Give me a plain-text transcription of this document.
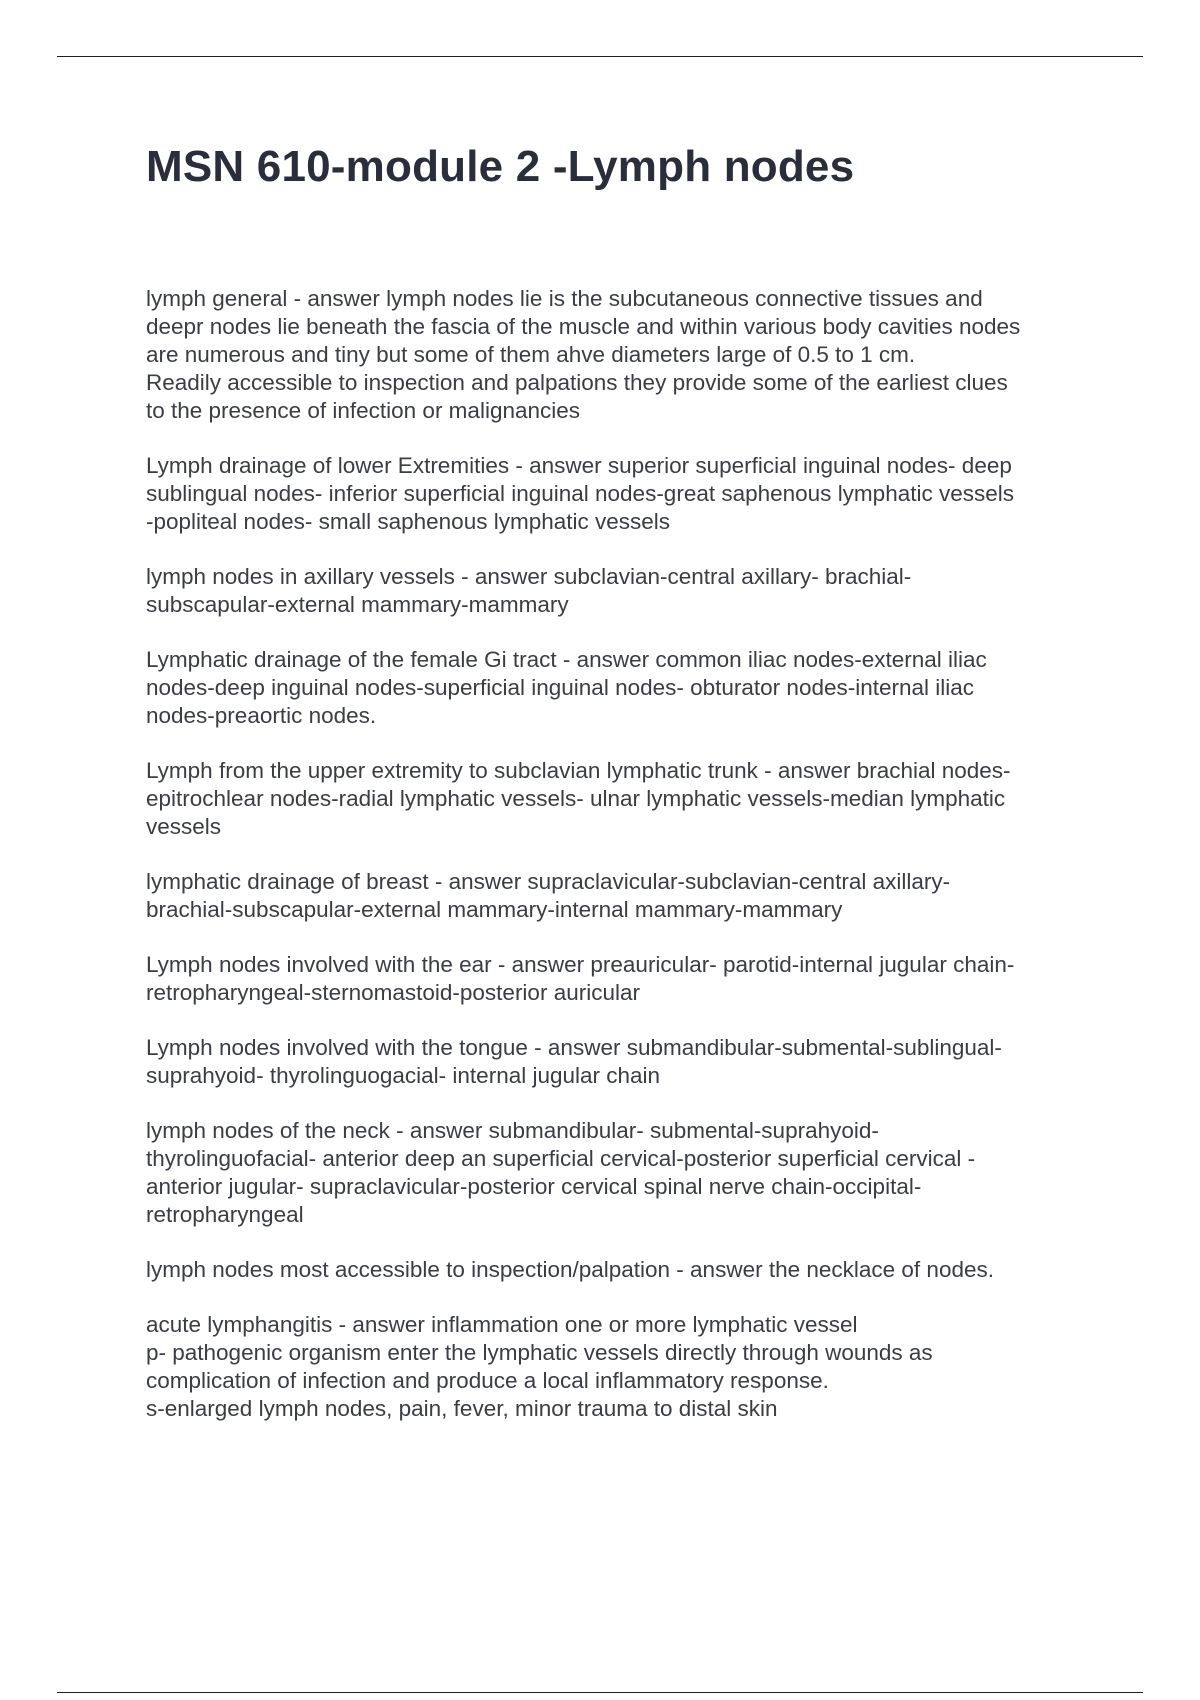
MSN 610-module 2 -Lymph nodes
lymph general - answer lymph nodes lie is the subcutaneous connective tissues and
deepr nodes lie beneath the fascia of the muscle and within various body cavities nodes
are numerous and tiny but some of them ahve diameters large of 0.5 to 1 cm.
Readily accessible to inspection and palpations they provide some of the earliest clues
to the presence of infection or malignancies
Lymph drainage of lower Extremities - answer superior superficial inguinal nodes- deep
sublingual nodes- inferior superficial inguinal nodes-great saphenous lymphatic vessels
-popliteal nodes- small saphenous lymphatic vessels
lymph nodes in axillary vessels - answer subclavian-central axillary- brachial-
subscapular-external mammary-mammary
Lymphatic drainage of the female Gi tract - answer common iliac nodes-external iliac
nodes-deep inguinal nodes-superficial inguinal nodes- obturator nodes-internal iliac
nodes-preaortic nodes.
Lymph from the upper extremity to subclavian lymphatic trunk - answer brachial nodes-
epitrochlear nodes-radial lymphatic vessels- ulnar lymphatic vessels-median lymphatic
vessels
lymphatic drainage of breast - answer supraclavicular-subclavian-central axillary-
brachial-subscapular-external mammary-internal mammary-mammary
Lymph nodes involved with the ear - answer preauricular- parotid-internal jugular chain-
retropharyngeal-sternomastoid-posterior auricular
Lymph nodes involved with the tongue - answer submandibular-submental-sublingual-
suprahyoid- thyrolinguogacial- internal jugular chain
lymph nodes of the neck - answer submandibular- submental-suprahyoid-
thyrolinguofacial- anterior deep an superficial cervical-posterior superficial cervical -
anterior jugular- supraclavicular-posterior cervical spinal nerve chain-occipital-
retropharyngeal
lymph nodes most accessible to inspection/palpation - answer the necklace of nodes.
acute lymphangitis - answer inflammation one or more lymphatic vessel
p- pathogenic organism enter the lymphatic vessels directly through wounds as
complication of infection and produce a local inflammatory response.
s-enlarged lymph nodes, pain, fever, minor trauma to distal skin
